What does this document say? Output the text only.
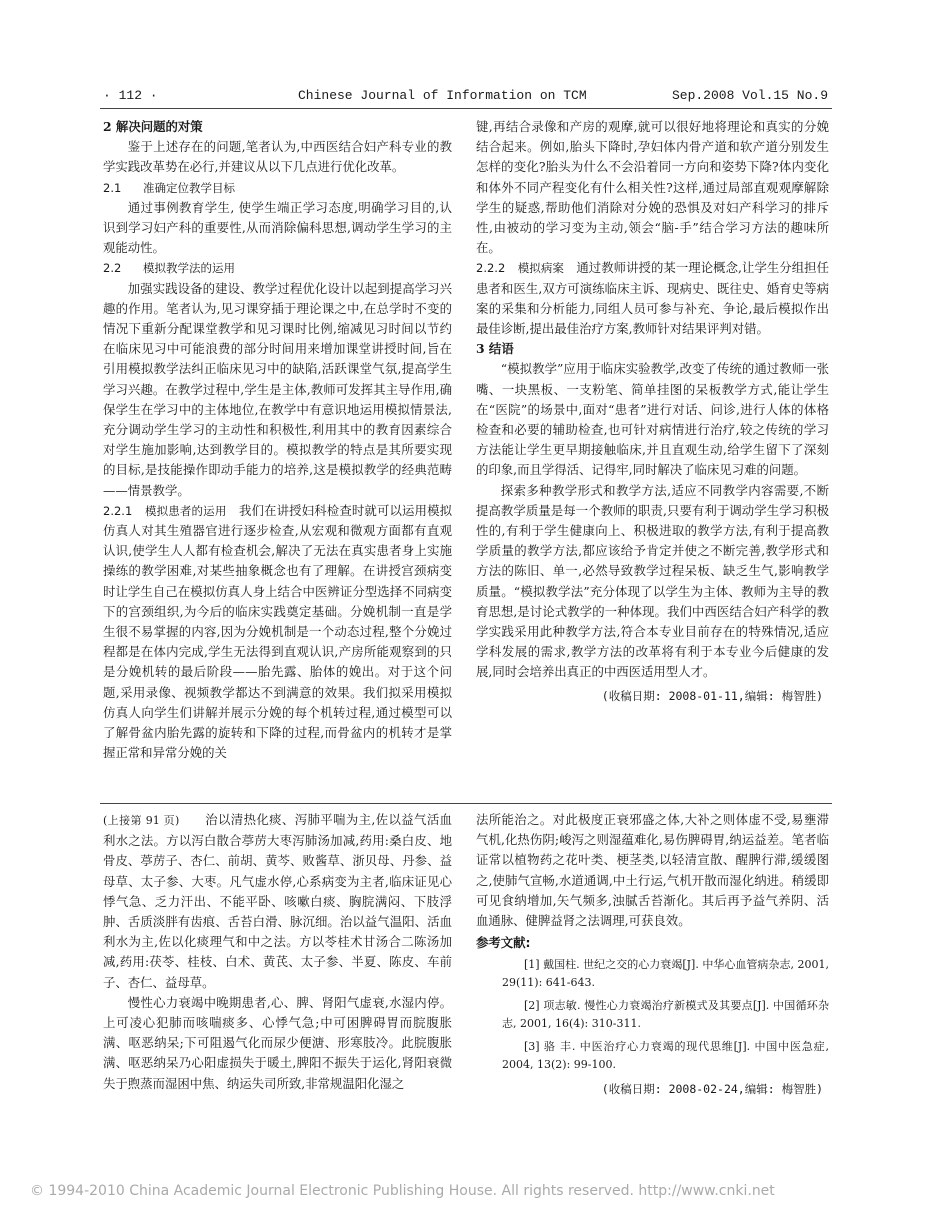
· 112 ·	Chinese Journal of Information on TCM	Sep.2008 Vol.15 No.9

2 解决问题的对策

鉴于上述存在的问题,笔者认为,中西医结合妇产科专业的教学实践改革势在必行,并建议从以下几点进行优化改革。

2.1 准确定位教学目标

通过事例教育学生, 使学生端正学习态度,明确学习目的,认识到学习妇产科的重要性,从而消除偏科思想,调动学生学习的主观能动性。

2.2 模拟教学法的运用

加强实践设备的建设、教学过程优化设计以起到提高学习兴趣的作用。笔者认为,见习课穿插于理论课之中,在总学时不变的情况下重新分配课堂教学和见习课时比例,缩减见习时间以节约在临床见习中可能浪费的部分时间用来增加课堂讲授时间,旨在引用模拟教学法纠正临床见习中的缺陷,活跃课堂气氛,提高学生学习兴趣。在教学过程中,学生是主体,教师可发挥其主导作用,确保学生在学习中的主体地位,在教学中有意识地运用模拟情景法,充分调动学生学习的主动性和积极性,利用其中的教育因素综合对学生施加影响,达到教学目的。模拟教学的特点是其所要实现的目标,是技能操作即动手能力的培养,这是模拟教学的经典范畴——情景教学。

2.2.1　 模拟患者的运用　 我们在讲授妇科检查时就可以运用模拟仿真人对其生殖器官进行逐步检查,从宏观和微观方面都有直观认识,使学生人人都有检查机会,解决了无法在真实患者身上实施操练的教学困难,对某些抽象概念也有了理解。在讲授宫颈病变时让学生自己在模拟仿真人身上结合中医辨证分型选择不同病变下的宫颈组织,为今后的临床实践奠定基础。分娩机制一直是学生很不易掌握的内容,因为分娩机制是一个动态过程,整个分娩过程都是在体内完成,学生无法得到直观认识,产房所能观察到的只是分娩机转的最后阶段——胎先露、胎体的娩出。对于这个问题,采用录像、视频教学都达不到满意的效果。我们拟采用模拟仿真人向学生们讲解并展示分娩的每个机转过程,通过模型可以了解骨盆内胎先露的旋转和下降的过程,而骨盆内的机转才是掌握正常和异常分娩的关

键,再结合录像和产房的观摩,就可以很好地将理论和真实的分娩结合起来。例如,胎头下降时,孕妇体内骨产道和软产道分别发生怎样的变化?胎头为什么不会沿着同一方向和姿势下降?体内变化和体外不同产程变化有什么相关性?这样,通过局部直观观摩解除学生的疑惑,帮助他们消除对分娩的恐惧及对妇产科学习的排斥性,由被动的学习变为主动,领会“脑-手”结合学习方法的趣味所在。

2.2.2　 模拟病案　 通过教师讲授的某一理论概念,让学生分组担任患者和医生,双方可演练临床主诉、现病史、既往史、婚育史等病案的采集和分析能力,同组人员可参与补充、争论,最后模拟作出最佳诊断,提出最佳治疗方案,教师针对结果评判对错。

3 结语

“模拟教学”应用于临床实验教学,改变了传统的通过教师一张嘴、一块黑板、一支粉笔、简单挂图的呆板教学方式,能让学生在“医院”的场景中,面对“患者”进行对话、问诊,进行人体的体格检查和必要的辅助检查,也可针对病情进行治疗,较之传统的学习方法能让学生更早期接触临床,并且直观生动,给学生留下了深刻的印象,而且学得活、记得牢,同时解决了临床见习难的问题。

探索多种教学形式和教学方法,适应不同教学内容需要,不断提高教学质量是每一个教师的职责,只要有利于调动学生学习积极性的,有利于学生健康向上、积极进取的教学方法,有利于提高教学质量的教学方法,都应该给予肯定并使之不断完善,教学形式和方法的陈旧、单一,必然导致教学过程呆板、缺乏生气,影响教学质量。“模拟教学法”充分体现了以学生为主体、教师为主导的教育思想,是讨论式教学的一种体现。我们中西医结合妇产科学的教学实践采用此种教学方法,符合本专业目前存在的特殊情况,适应学科发展的需求,教学方法的改革将有利于本专业今后健康的发展,同时会培养出真正的中西医适用型人才。

(收稿日期: 2008-01-11,编辑: 梅智胜)

(上接第 91 页)　　 治以清热化痰、泻肺平喘为主,佐以益气活血利水之法。方以泻白散合葶苈大枣泻肺汤加减,药用:桑白皮、地骨皮、葶苈子、杏仁、前胡、黄芩、败酱草、浙贝母、丹参、益母草、太子参、大枣。凡气虚水停,心系病变为主者,临床证见心悸气急、乏力汗出、不能平卧、咳嗽白痰、胸脘满闷、下肢浮肿、舌质淡胖有齿痕、舌苔白滑、脉沉细。治以益气温阳、活血利水为主,佐以化痰理气和中之法。方以苓桂术甘汤合二陈汤加减,药用:茯苓、桂枝、白术、黄芪、太子参、半夏、陈皮、车前子、杏仁、益母草。

慢性心力衰竭中晚期患者,心、脾、肾阳气虚衰,水湿内停。上可凌心犯肺而咳喘痰多、心悸气急;中可困脾碍胃而脘腹胀满、呕恶纳呆;下可阻遏气化而尿少便溏、形寒肢冷。此脘腹胀满、呕恶纳呆乃心阳虚损失于暖土,脾阳不振失于运化,肾阳衰微失于煦蒸而湿困中焦、纳运失司所致,非常规温阳化湿之

法所能治之。对此极度正衰邪盛之体,大补之则体虚不受,易壅滞气机,化热伤阴;峻泻之则湿蕴难化,易伤脾碍胃,纳运益差。笔者临证常以植物药之花叶类、梗茎类,以轻清宣散、醒脾行滞,缓缓图之,使肺气宣畅,水道通调,中土行运,气机开散而湿化纳进。稍缓即可见食纳增加,矢气频多,浊腻舌苔渐化。其后再予益气养阴、活血通脉、健脾益肾之法调理,可获良效。

参考文献:

[1] 戴国柱. 世纪之交的心力衰竭[J]. 中华心血管病杂志, 2001, 29(11): 641-643.

[2] 项志敏. 慢性心力衰竭治疗新模式及其要点[J]. 中国循环杂志, 2001, 16(4): 310-311.

[3] 骆 丰. 中医治疗心力衰竭的现代思维[J]. 中国中医急症, 2004, 13(2): 99-100.

(收稿日期: 2008-02-24,编辑: 梅智胜)

© 1994-2010 China Academic Journal Electronic Publishing House. All rights reserved. http://www.cnki.net
